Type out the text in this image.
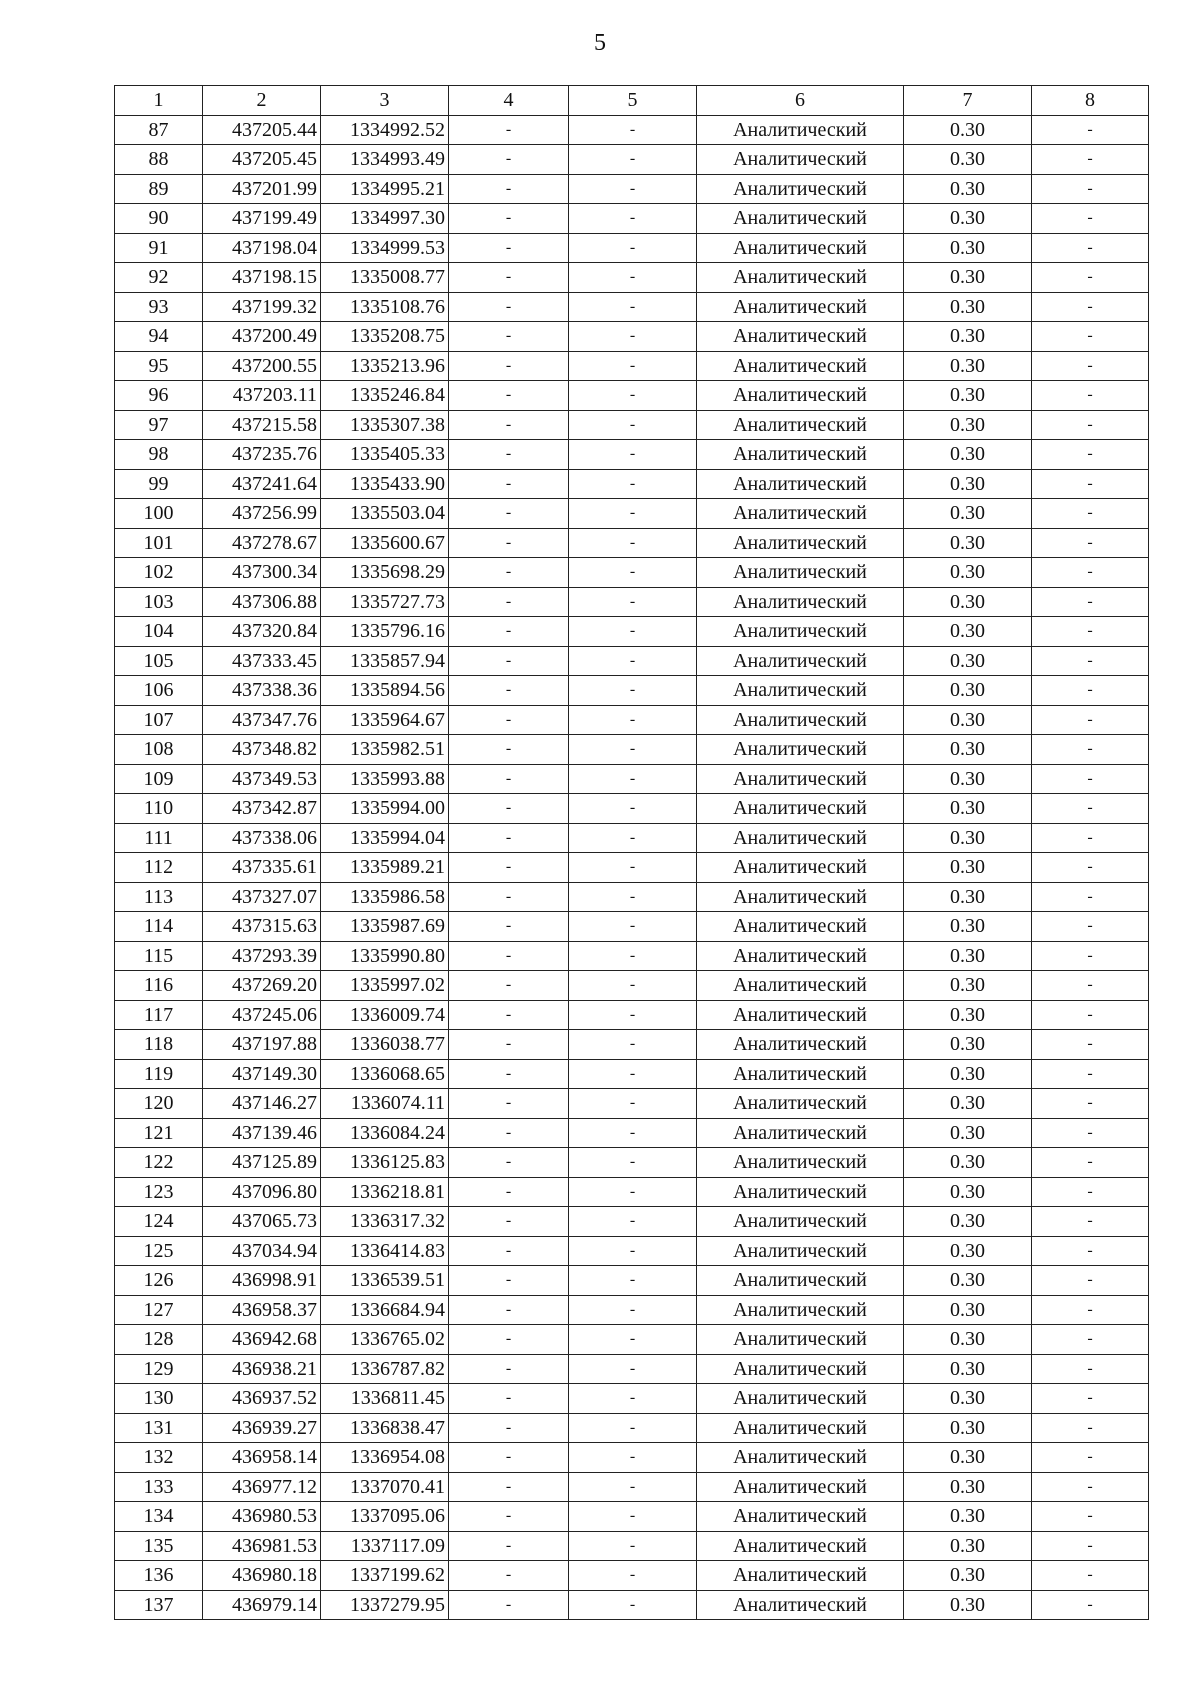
5
1	2	3	4	5	6	7	8
87	437205.44	1334992.52	-	-	Аналитический	0.30	-
88	437205.45	1334993.49	-	-	Аналитический	0.30	-
89	437201.99	1334995.21	-	-	Аналитический	0.30	-
90	437199.49	1334997.30	-	-	Аналитический	0.30	-
91	437198.04	1334999.53	-	-	Аналитический	0.30	-
92	437198.15	1335008.77	-	-	Аналитический	0.30	-
93	437199.32	1335108.76	-	-	Аналитический	0.30	-
94	437200.49	1335208.75	-	-	Аналитический	0.30	-
95	437200.55	1335213.96	-	-	Аналитический	0.30	-
96	437203.11	1335246.84	-	-	Аналитический	0.30	-
97	437215.58	1335307.38	-	-	Аналитический	0.30	-
98	437235.76	1335405.33	-	-	Аналитический	0.30	-
99	437241.64	1335433.90	-	-	Аналитический	0.30	-
100	437256.99	1335503.04	-	-	Аналитический	0.30	-
101	437278.67	1335600.67	-	-	Аналитический	0.30	-
102	437300.34	1335698.29	-	-	Аналитический	0.30	-
103	437306.88	1335727.73	-	-	Аналитический	0.30	-
104	437320.84	1335796.16	-	-	Аналитический	0.30	-
105	437333.45	1335857.94	-	-	Аналитический	0.30	-
106	437338.36	1335894.56	-	-	Аналитический	0.30	-
107	437347.76	1335964.67	-	-	Аналитический	0.30	-
108	437348.82	1335982.51	-	-	Аналитический	0.30	-
109	437349.53	1335993.88	-	-	Аналитический	0.30	-
110	437342.87	1335994.00	-	-	Аналитический	0.30	-
111	437338.06	1335994.04	-	-	Аналитический	0.30	-
112	437335.61	1335989.21	-	-	Аналитический	0.30	-
113	437327.07	1335986.58	-	-	Аналитический	0.30	-
114	437315.63	1335987.69	-	-	Аналитический	0.30	-
115	437293.39	1335990.80	-	-	Аналитический	0.30	-
116	437269.20	1335997.02	-	-	Аналитический	0.30	-
117	437245.06	1336009.74	-	-	Аналитический	0.30	-
118	437197.88	1336038.77	-	-	Аналитический	0.30	-
119	437149.30	1336068.65	-	-	Аналитический	0.30	-
120	437146.27	1336074.11	-	-	Аналитический	0.30	-
121	437139.46	1336084.24	-	-	Аналитический	0.30	-
122	437125.89	1336125.83	-	-	Аналитический	0.30	-
123	437096.80	1336218.81	-	-	Аналитический	0.30	-
124	437065.73	1336317.32	-	-	Аналитический	0.30	-
125	437034.94	1336414.83	-	-	Аналитический	0.30	-
126	436998.91	1336539.51	-	-	Аналитический	0.30	-
127	436958.37	1336684.94	-	-	Аналитический	0.30	-
128	436942.68	1336765.02	-	-	Аналитический	0.30	-
129	436938.21	1336787.82	-	-	Аналитический	0.30	-
130	436937.52	1336811.45	-	-	Аналитический	0.30	-
131	436939.27	1336838.47	-	-	Аналитический	0.30	-
132	436958.14	1336954.08	-	-	Аналитический	0.30	-
133	436977.12	1337070.41	-	-	Аналитический	0.30	-
134	436980.53	1337095.06	-	-	Аналитический	0.30	-
135	436981.53	1337117.09	-	-	Аналитический	0.30	-
136	436980.18	1337199.62	-	-	Аналитический	0.30	-
137	436979.14	1337279.95	-	-	Аналитический	0.30	-
